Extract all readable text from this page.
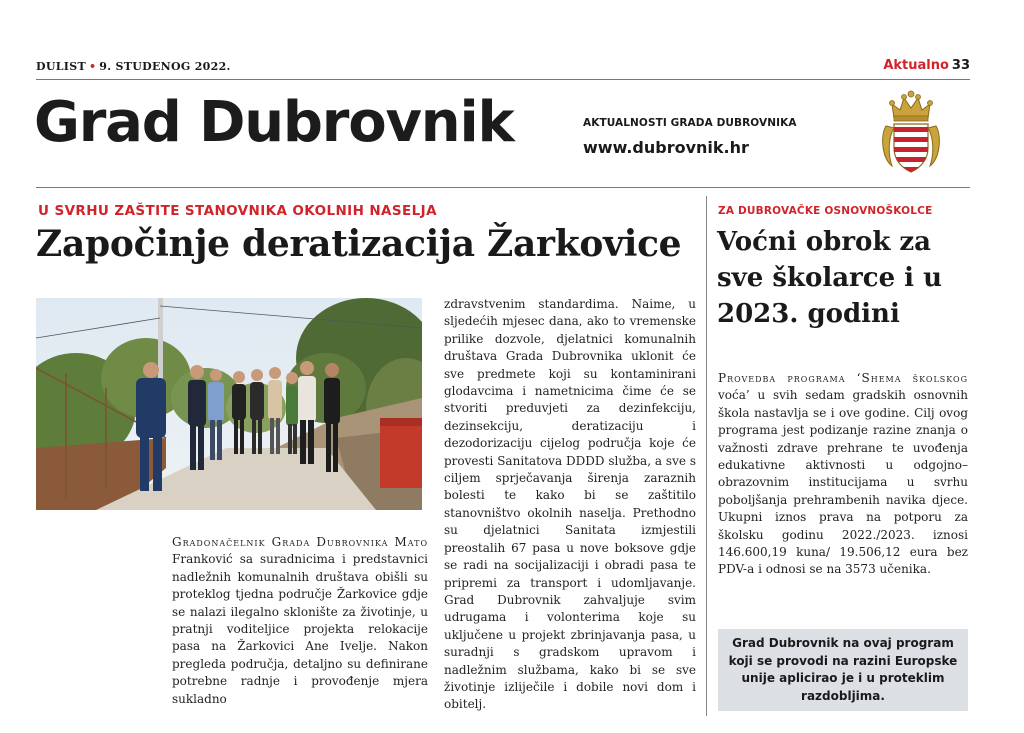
DULIST • 9. STUDENOG 2022.	Aktualno 33
Grad Dubrovnik	AKTUALNOSTI GRADA DUBROVNIKA
www.dubrovnik.hr
U SVRHU ZAŠTITE STANOVNIKA OKOLNIH NASELJA
Započinje deratizacija Žarkovice
Gradonačelnik Grada Dubrovnika Mato Franković sa suradnicima i predstavnici nadležnih komunalnih društava obišli su proteklog tjedna područje Žarkovice gdje se nalazi ilegalno sklonište za životinje, u pratnji voditeljice projekta relokacije pasa na Žarkovici Ane Ivelje. Nakon pregleda područja, detaljno su definirane potrebne radnje i provođenje mjera sukladno
zdravstvenim standardima. Naime, u sljedećih mjesec dana, ako to vremenske prilike dozvole, djelatnici komunalnih društava Grada Dubrovnika uklonit će sve predmete koji su kontaminirani glodavcima i nametnicima čime će se stvoriti preduvjeti za dezinfekciju, dezinsekciju, deratizaciju i dezodorizaciju cijelog područja koje će provesti Sanitatova DDDD služba, a sve s ciljem sprječavanja širenja zaraznih bolesti te kako bi se zaštitilo stanovništvo okolnih naselja. Prethodno su djelatnici Sanitata izmjestili preostalih 67 pasa u nove boksove gdje se radi na socijalizaciji i obradi pasa te pripremi za transport i udomljavanje. Grad Dubrovnik zahvaljuje svim udrugama i volonterima koje su uključene u projekt zbrinjavanja pasa, u suradnji s gradskom upravom i nadležnim službama, kako bi se sve životinje izliječile i dobile novi dom i obitelj.
ZA DUBROVAČKE OSNOVNOŠKOLCE
Voćni obrok za sve školarce i u 2023. godini
Provedba programa ‘Shema školskog voća’ u svih sedam gradskih osnovnih škola nastavlja se i ove godine. Cilj ovog programa jest podizanje razine znanja o važnosti zdrave prehrane te uvođenja edukativne aktivnosti u odgojno–obrazovnim institucijama u svrhu poboljšanja prehrambenih navika djece. Ukupni iznos prava na potporu za školsku godinu 2022./2023. iznosi 146.600,19 kuna/ 19.506,12 eura bez PDV-a i odnosi se na 3573 učenika.
Grad Dubrovnik na ovaj program koji se provodi na razini Europske unije aplicirao je i u proteklim razdobljima.
